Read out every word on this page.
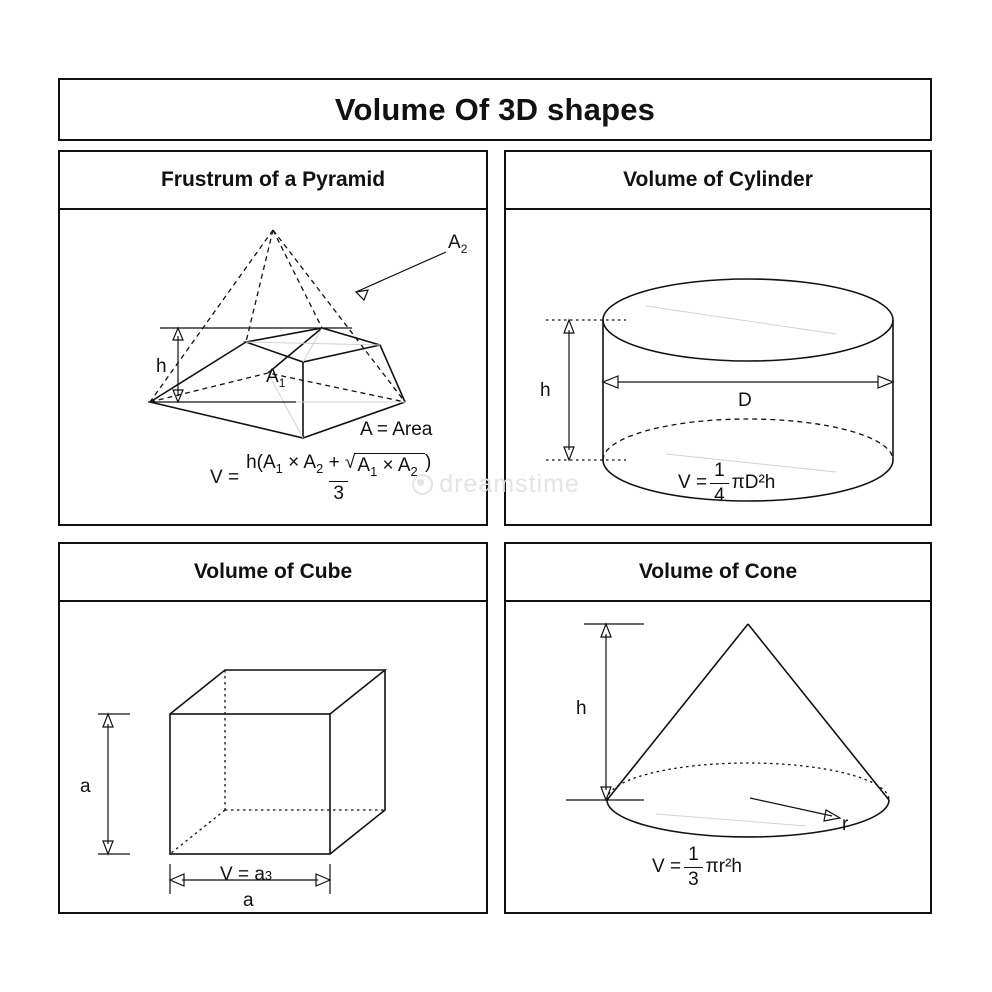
Volume Of 3D shapes
Frustrum of a Pyramid
h
$A_2$
$A_1$
A = Area
$V = \frac{h(A_1 \times A_2 + √ A_1 \times A_2 )}{3}$
Volume of Cylinder
D
h
$V = \frac{1}{4} \pi D^2h$
Volume of Cube
a
a
V = a 3
Volume of Cone
r
h
$V = \frac{1}{3} \pi r^2h$
dreamstime
